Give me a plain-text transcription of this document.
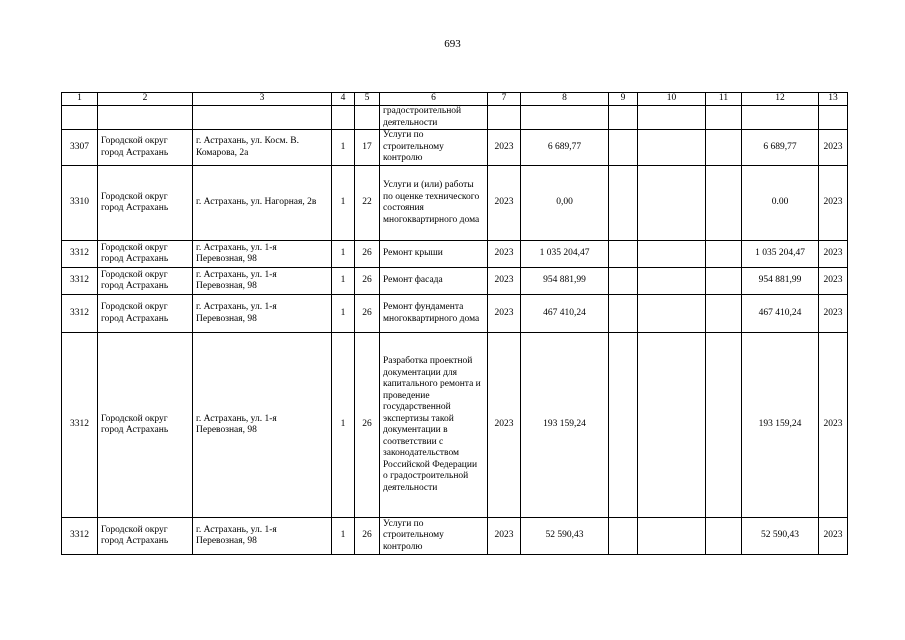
693
1	2	3	4	5	6	7	8	9	10	11	12	13
					градостроительной деятельности							
3307	Городской округ город Астрахань	г. Астрахань, ул. Косм. В. Комарова, 2а	1	17	Услуги по строительному контролю	2023	6 689,77				6 689,77	2023
3310	Городской округ город Астрахань	г. Астрахань, ул. Нагорная, 2в	1	22	Услуги и (или) работы по оценке технического состояния многоквартирного дома	2023	0,00				0.00	2023
3312	Городской округ город Астрахань	г. Астрахань, ул. 1-я Перевозная, 98	1	26	Ремонт крыши	2023	1 035 204,47				1 035 204,47	2023
3312	Городской округ город Астрахань	г. Астрахань, ул. 1-я Перевозная, 98	1	26	Ремонт фасада	2023	954 881,99				954 881,99	2023
3312	Городской округ город Астрахань	г. Астрахань, ул. 1-я Перевозная, 98	1	26	Ремонт фундамента многоквартирного дома	2023	467 410,24				467 410,24	2023
3312	Городской округ город Астрахань	г. Астрахань, ул. 1-я Перевозная, 98	1	26	Разработка проектной документации для капитального ремонта и проведение государственной экспертизы такой документации в соответствии с законодательством Российской Федерации о градостроительной деятельности	2023	193 159,24				193 159,24	2023
3312	Городской округ город Астрахань	г. Астрахань, ул. 1-я Перевозная, 98	1	26	Услуги по строительному контролю	2023	52 590,43				52 590,43	2023
